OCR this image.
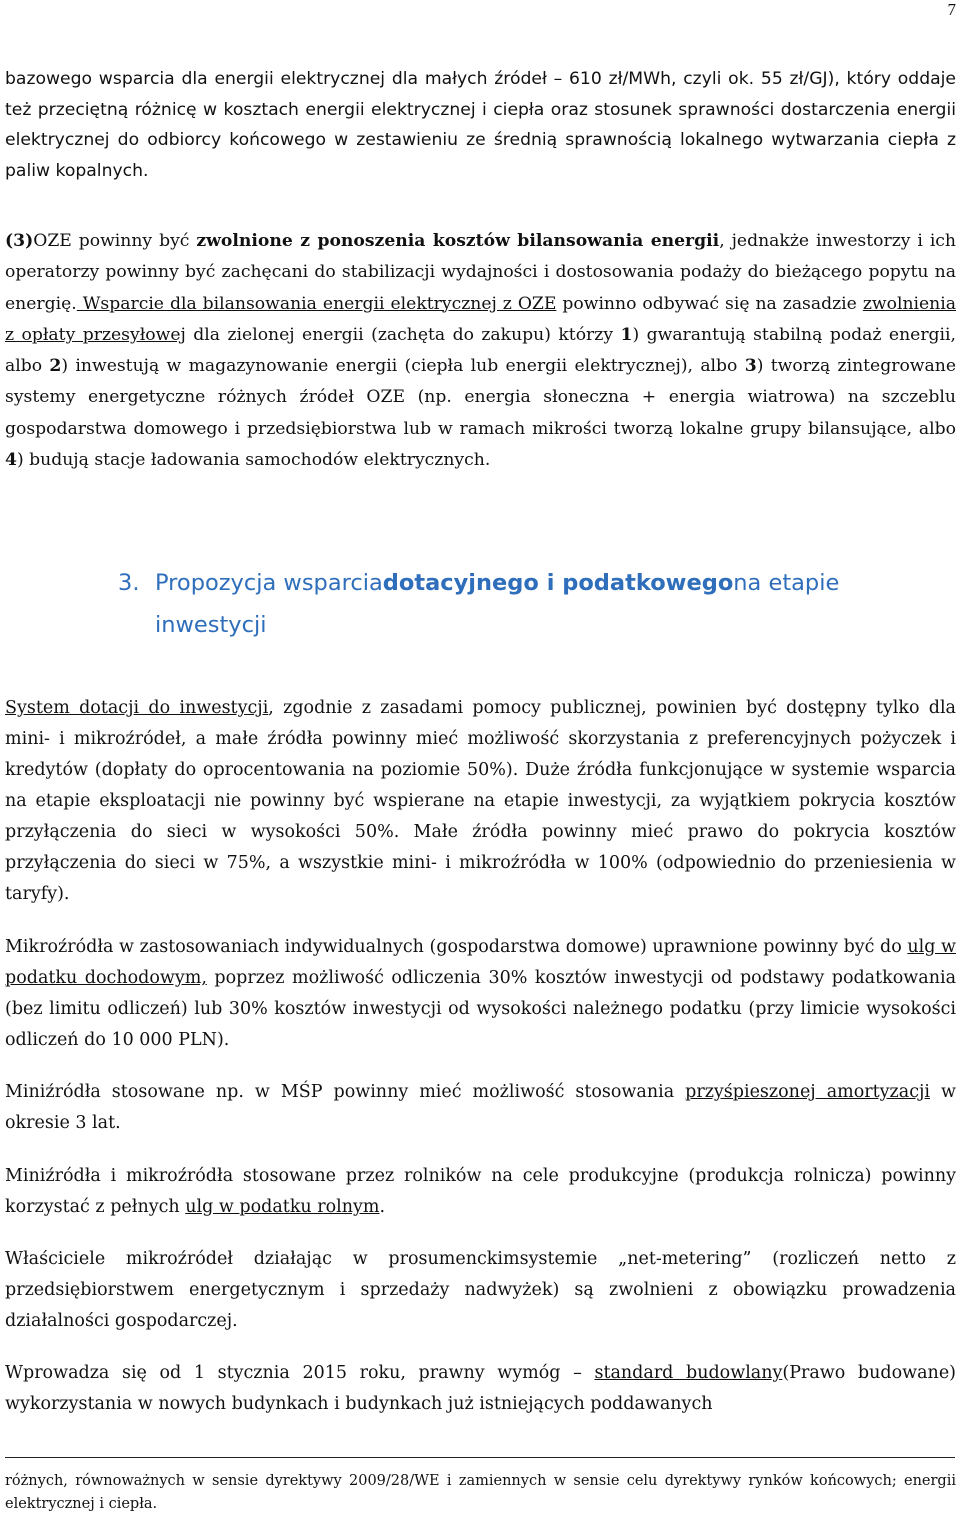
7

bazowego wsparcia dla energii elektrycznej dla małych źródeł – 610 zł/MWh, czyli ok. 55 zł/GJ), który oddaje też przeciętną różnicę w kosztach energii elektrycznej i ciepła oraz stosunek sprawności dostarczenia energii elektrycznej do odbiorcy końcowego w zestawieniu ze średnią sprawnością lokalnego wytwarzania ciepła z paliw kopalnych.

(3)OZE powinny być zwolnione z ponoszenia kosztów bilansowania energii, jednakże inwestorzy i ich operatorzy powinny być zachęcani do stabilizacji wydajności i dostosowania podaży do bieżącego popytu na energię. Wsparcie dla bilansowania energii elektrycznej z OZE powinno odbywać się na zasadzie zwolnienia z opłaty przesyłowej dla zielonej energii (zachęta do zakupu) którzy 1) gwarantują stabilną podaż energii, albo 2) inwestują w magazynowanie energii (ciepła lub energii elektrycznej), albo 3) tworzą zintegrowane systemy energetyczne różnych źródeł OZE (np. energia słoneczna + energia wiatrowa) na szczeblu gospodarstwa domowego i przedsiębiorstwa lub w ramach mikrości tworzą lokalne grupy bilansujące, albo 4) budują stacje ładowania samochodów elektrycznych.

3. Propozycja wsparciadotacyjnego i podatkowegona etapie
inwestycji

System dotacji do inwestycji, zgodnie z zasadami pomocy publicznej, powinien być dostępny tylko dla mini- i mikroźródeł, a małe źródła powinny mieć możliwość skorzystania z preferencyjnych pożyczek i kredytów (dopłaty do oprocentowania na poziomie 50%). Duże źródła funkcjonujące w systemie wsparcia na etapie eksploatacji nie powinny być wspierane na etapie inwestycji, za wyjątkiem pokrycia kosztów przyłączenia do sieci w wysokości 50%. Małe źródła powinny mieć prawo do pokrycia kosztów przyłączenia do sieci w 75%, a wszystkie mini- i mikroźródła w 100% (odpowiednio do przeniesienia w taryfy).

Mikroźródła w zastosowaniach indywidualnych (gospodarstwa domowe) uprawnione powinny być do ulg w podatku dochodowym, poprzez możliwość odliczenia 30% kosztów inwestycji od podstawy podatkowania (bez limitu odliczeń) lub 30% kosztów inwestycji od wysokości należnego podatku (przy limicie wysokości odliczeń do 10 000 PLN).

Miniźródła stosowane np. w MŚP powinny mieć możliwość stosowania przyśpieszonej amortyzacji w okresie 3 lat.

Miniźródła i mikroźródła stosowane przez rolników na cele produkcyjne (produkcja rolnicza) powinny korzystać z pełnych ulg w podatku rolnym.

Właściciele mikroźródeł działając w prosumenckimsystemie „net-metering” (rozliczeń netto z przedsiębiorstwem energetycznym i sprzedaży nadwyżek) są zwolnieni z obowiązku prowadzenia działalności gospodarczej.

Wprowadza się od 1 stycznia 2015 roku, prawny wymóg – standard budowlany(Prawo budowane) wykorzystania w nowych budynkach i budynkach już istniejących poddawanych

różnych, równoważnych w sensie dyrektywy 2009/28/WE i zamiennych w sensie celu dyrektywy rynków końcowych; energii elektrycznej i ciepła.
